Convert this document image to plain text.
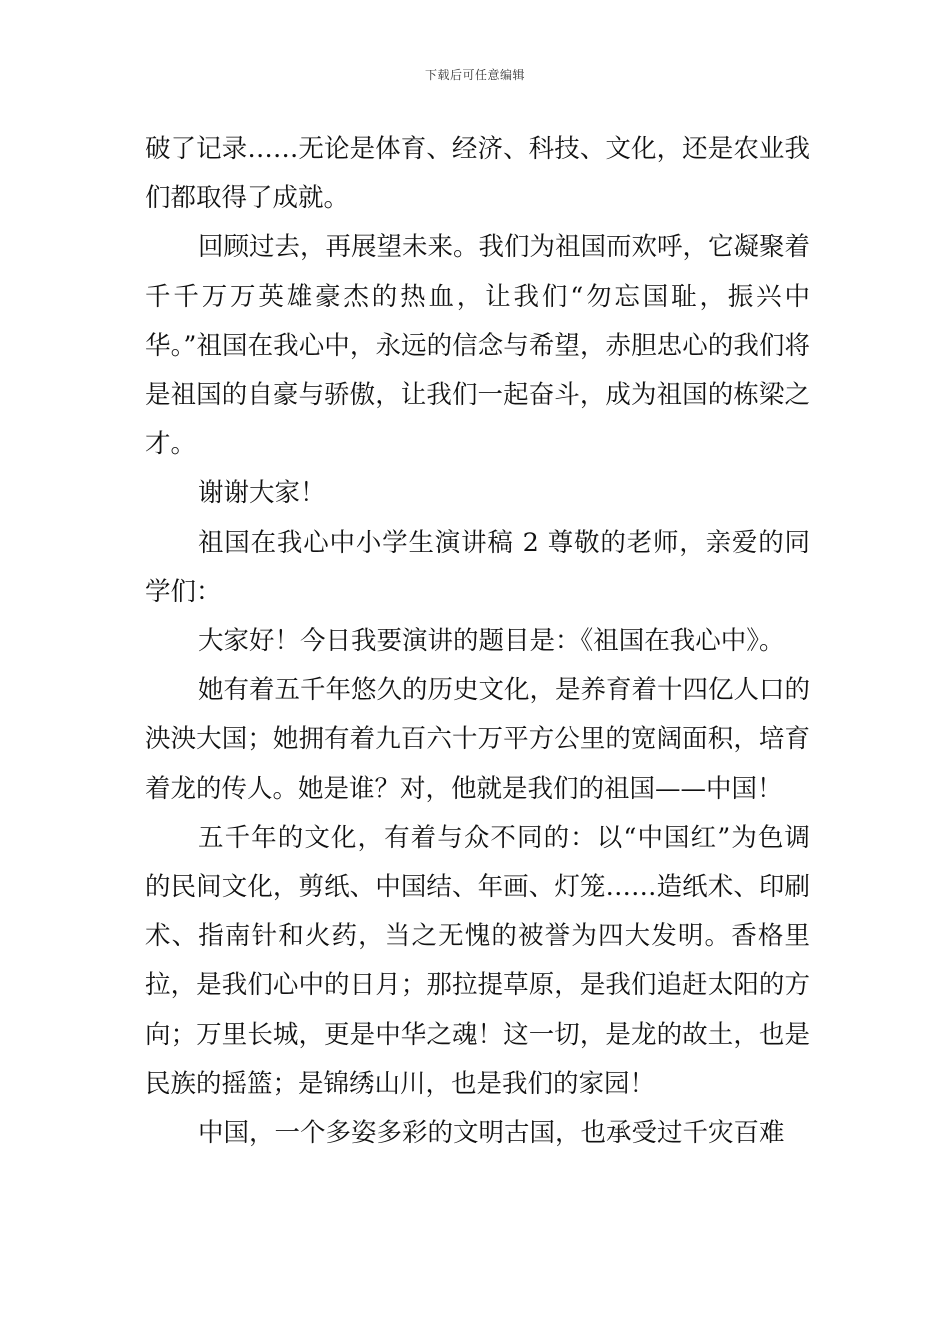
下载后可任意编辑

破了记录……无论是体育、经济、科技、文化，还是农业我们都取得了成就。

回顾过去，再展望未来。我们为祖国而欢呼，它凝聚着千千万万英雄豪杰的热血，让我们“勿忘国耻，振兴中华。”祖国在我心中，永远的信念与希望，赤胆忠心的我们将是祖国的自豪与骄傲，让我们一起奋斗，成为祖国的栋梁之才。

谢谢大家！

祖国在我心中小学生演讲稿 2 尊敬的老师，亲爱的同学们：

大家好！今日我要演讲的题目是：《祖国在我心中》。

她有着五千年悠久的历史文化，是养育着十四亿人口的泱泱大国；她拥有着九百六十万平方公里的宽阔面积，培育着龙的传人。她是谁？对，他就是我们的祖国——中国！

五千年的文化，有着与众不同的：以“中国红”为色调的民间文化，剪纸、中国结、年画、灯笼……造纸术、印刷术、指南针和火药，当之无愧的被誉为四大发明。香格里拉，是我们心中的日月；那拉提草原，是我们追赶太阳的方向；万里长城，更是中华之魂！这一切，是龙的故土，也是民族的摇篮；是锦绣山川，也是我们的家园！

中国，一个多姿多彩的文明古国，也承受过千灾百难
